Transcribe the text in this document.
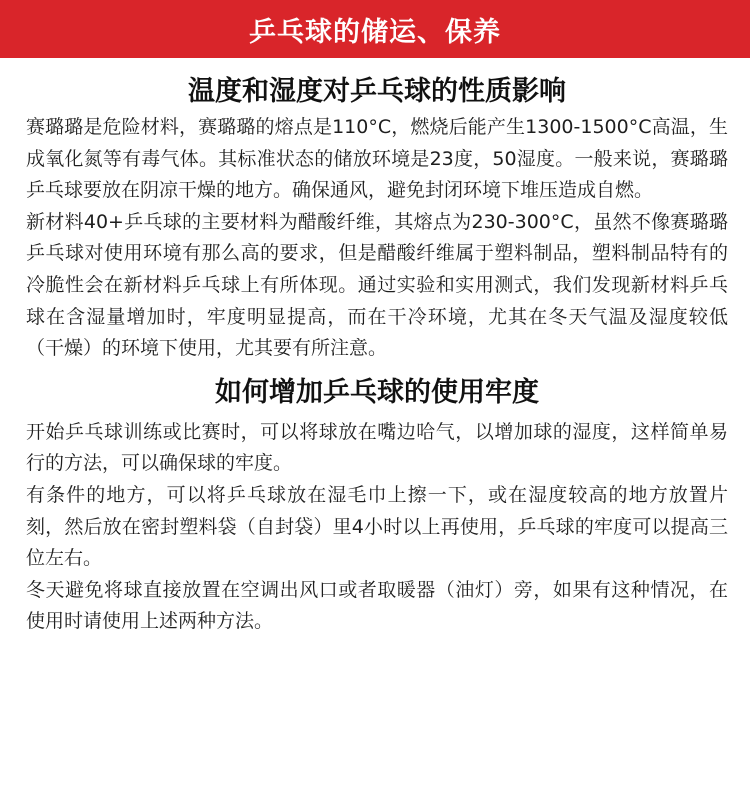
乒乓球的储运、保养
温度和湿度对乒乓球的性质影响

赛璐璐是危险材料，赛璐璐的熔点是110°C，燃烧后能产生1300-1500°C高温，生成氧化氮等有毒气体。其标准状态的储放环境是23度，50湿度。一般来说，赛璐璐乒乓球要放在阴凉干燥的地方。确保通风，避免封闭环境下堆压造成自燃。

新材料40+乒乓球的主要材料为醋酸纤维，其熔点为230-300°C，虽然不像赛璐璐乒乓球对使用环境有那么高的要求，但是醋酸纤维属于塑料制品，塑料制品特有的冷脆性会在新材料乒乓球上有所体现。通过实验和实用测式，我们发现新材料乒乓球在含湿量增加时，牢度明显提高，而在干冷环境，尤其在冬天气温及湿度较低（干燥）的环境下使用，尤其要有所注意。

如何增加乒乓球的使用牢度

开始乒乓球训练或比赛时，可以将球放在嘴边哈气，以增加球的湿度，这样简单易行的方法，可以确保球的牢度。

有条件的地方，可以将乒乓球放在湿毛巾上擦一下，或在湿度较高的地方放置片刻，然后放在密封塑料袋（自封袋）里4小时以上再使用，乒乓球的牢度可以提高三位左右。

冬天避免将球直接放置在空调出风口或者取暖器（油灯）旁，如果有这种情况，在使用时请使用上述两种方法。
